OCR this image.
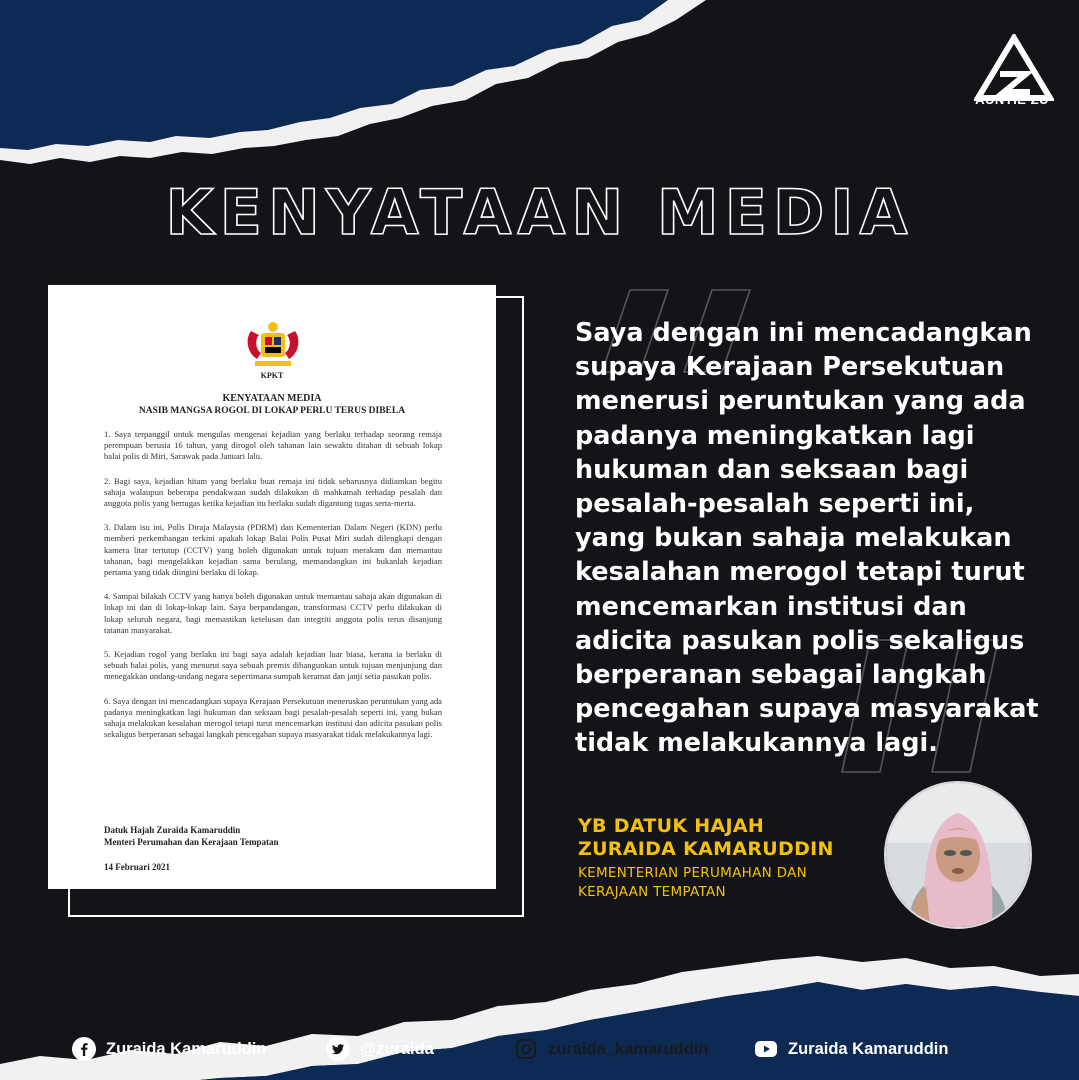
AUNTIE ZU
KENYATAAN MEDIA
KPKT
KENYATAAN MEDIA
NASIB MANGSA ROGOL DI LOKAP PERLU TERUS DIBELA

1. Saya terpanggil untuk mengulas mengenai kejadian yang berlaku terhadap seorang remaja perempuan berusia 16 tahun, yang dirogol oleh tahanan lain sewaktu ditahan di sebuah lokap balai polis di Miri, Sarawak pada Januari lalu.

2. Bagi saya, kejadian hitam yang berlaku buat remaja ini tidak seharusnya didiamkan begitu sahaja walaupun beberapa pendakwaan sudah dilakukan di mahkamah terhadap pesalah dan anggota polis yang bertugas ketika kejadian itu berlaku sudah digantung tugas serta-merta.

3. Dalam isu ini, Polis Diraja Malaysia (PDRM) dan Kementerian Dalam Negeri (KDN) perlu memberi perkembangan terkini apakah lokap Balai Polis Pusat Miri sudah dilengkapi dengan kamera litar tertutup (CCTV) yang boleh digunakan untuk tujuan merakam dan memantau tahanan, bagi mengelakkan kejadian sama berulang, memandangkan ini bukanlah kejadian pertama yang tidak diingini berlaku di lokap.

4. Sampai bilakah CCTV yang hanya boleh digunakan untuk memantau sahaja akan digunakan di lokap ini dan di lokap-lokap lain. Saya berpandangan, transformasi CCTV perlu dilakukan di lokap seluruh negara, bagi memastikan ketelusan dan integriti anggota polis terus disanjung tatanan masyarakat.

5. Kejadian rogol yang berlaku ini bagi saya adalah kejadian luar biasa, kerana ia berlaku di sebuah balai polis, yang menurut saya sebuah premis dibangunkan untuk tujuan menjunjung dan menegakkan undang-undang negara sepertimana sumpah keramat dan janji setia pasukan polis.

6. Saya dengan ini mencadangkan supaya Kerajaan Persekutuan meneruskan peruntukan yang ada padanya meningkatkan lagi hukuman dan seksaan bagi pesalah-pesalah seperti ini, yang bukan sahaja melakukan kesalahan merogol tetapi turut mencemarkan institusi dan adicita pasukan polis sekaligus berperanan sebagai langkah pencegahan supaya masyarakat tidak melakukannya lagi.

Datuk Hajah Zuraida Kamaruddin
Menteri Perumahan dan Kerajaan Tempatan
14 Februari 2021
Saya dengan ini mencadangkan
supaya Kerajaan Persekutuan
menerusi peruntukan yang ada
padanya meningkatkan lagi
hukuman dan seksaan bagi
pesalah-pesalah seperti ini,
yang bukan sahaja melakukan
kesalahan merogol tetapi turut
mencemarkan institusi dan
adicita pasukan polis sekaligus
berperanan sebagai langkah
pencegahan supaya masyarakat
tidak melakukannya lagi.
YB DATUK HAJAH
ZURAIDA KAMARUDDIN
KEMENTERIAN PERUMAHAN DAN
KERAJAAN TEMPATAN
Zuraida Kamaruddin	@zuraida	zuraida_kamaruddin	Zuraida Kamaruddin
